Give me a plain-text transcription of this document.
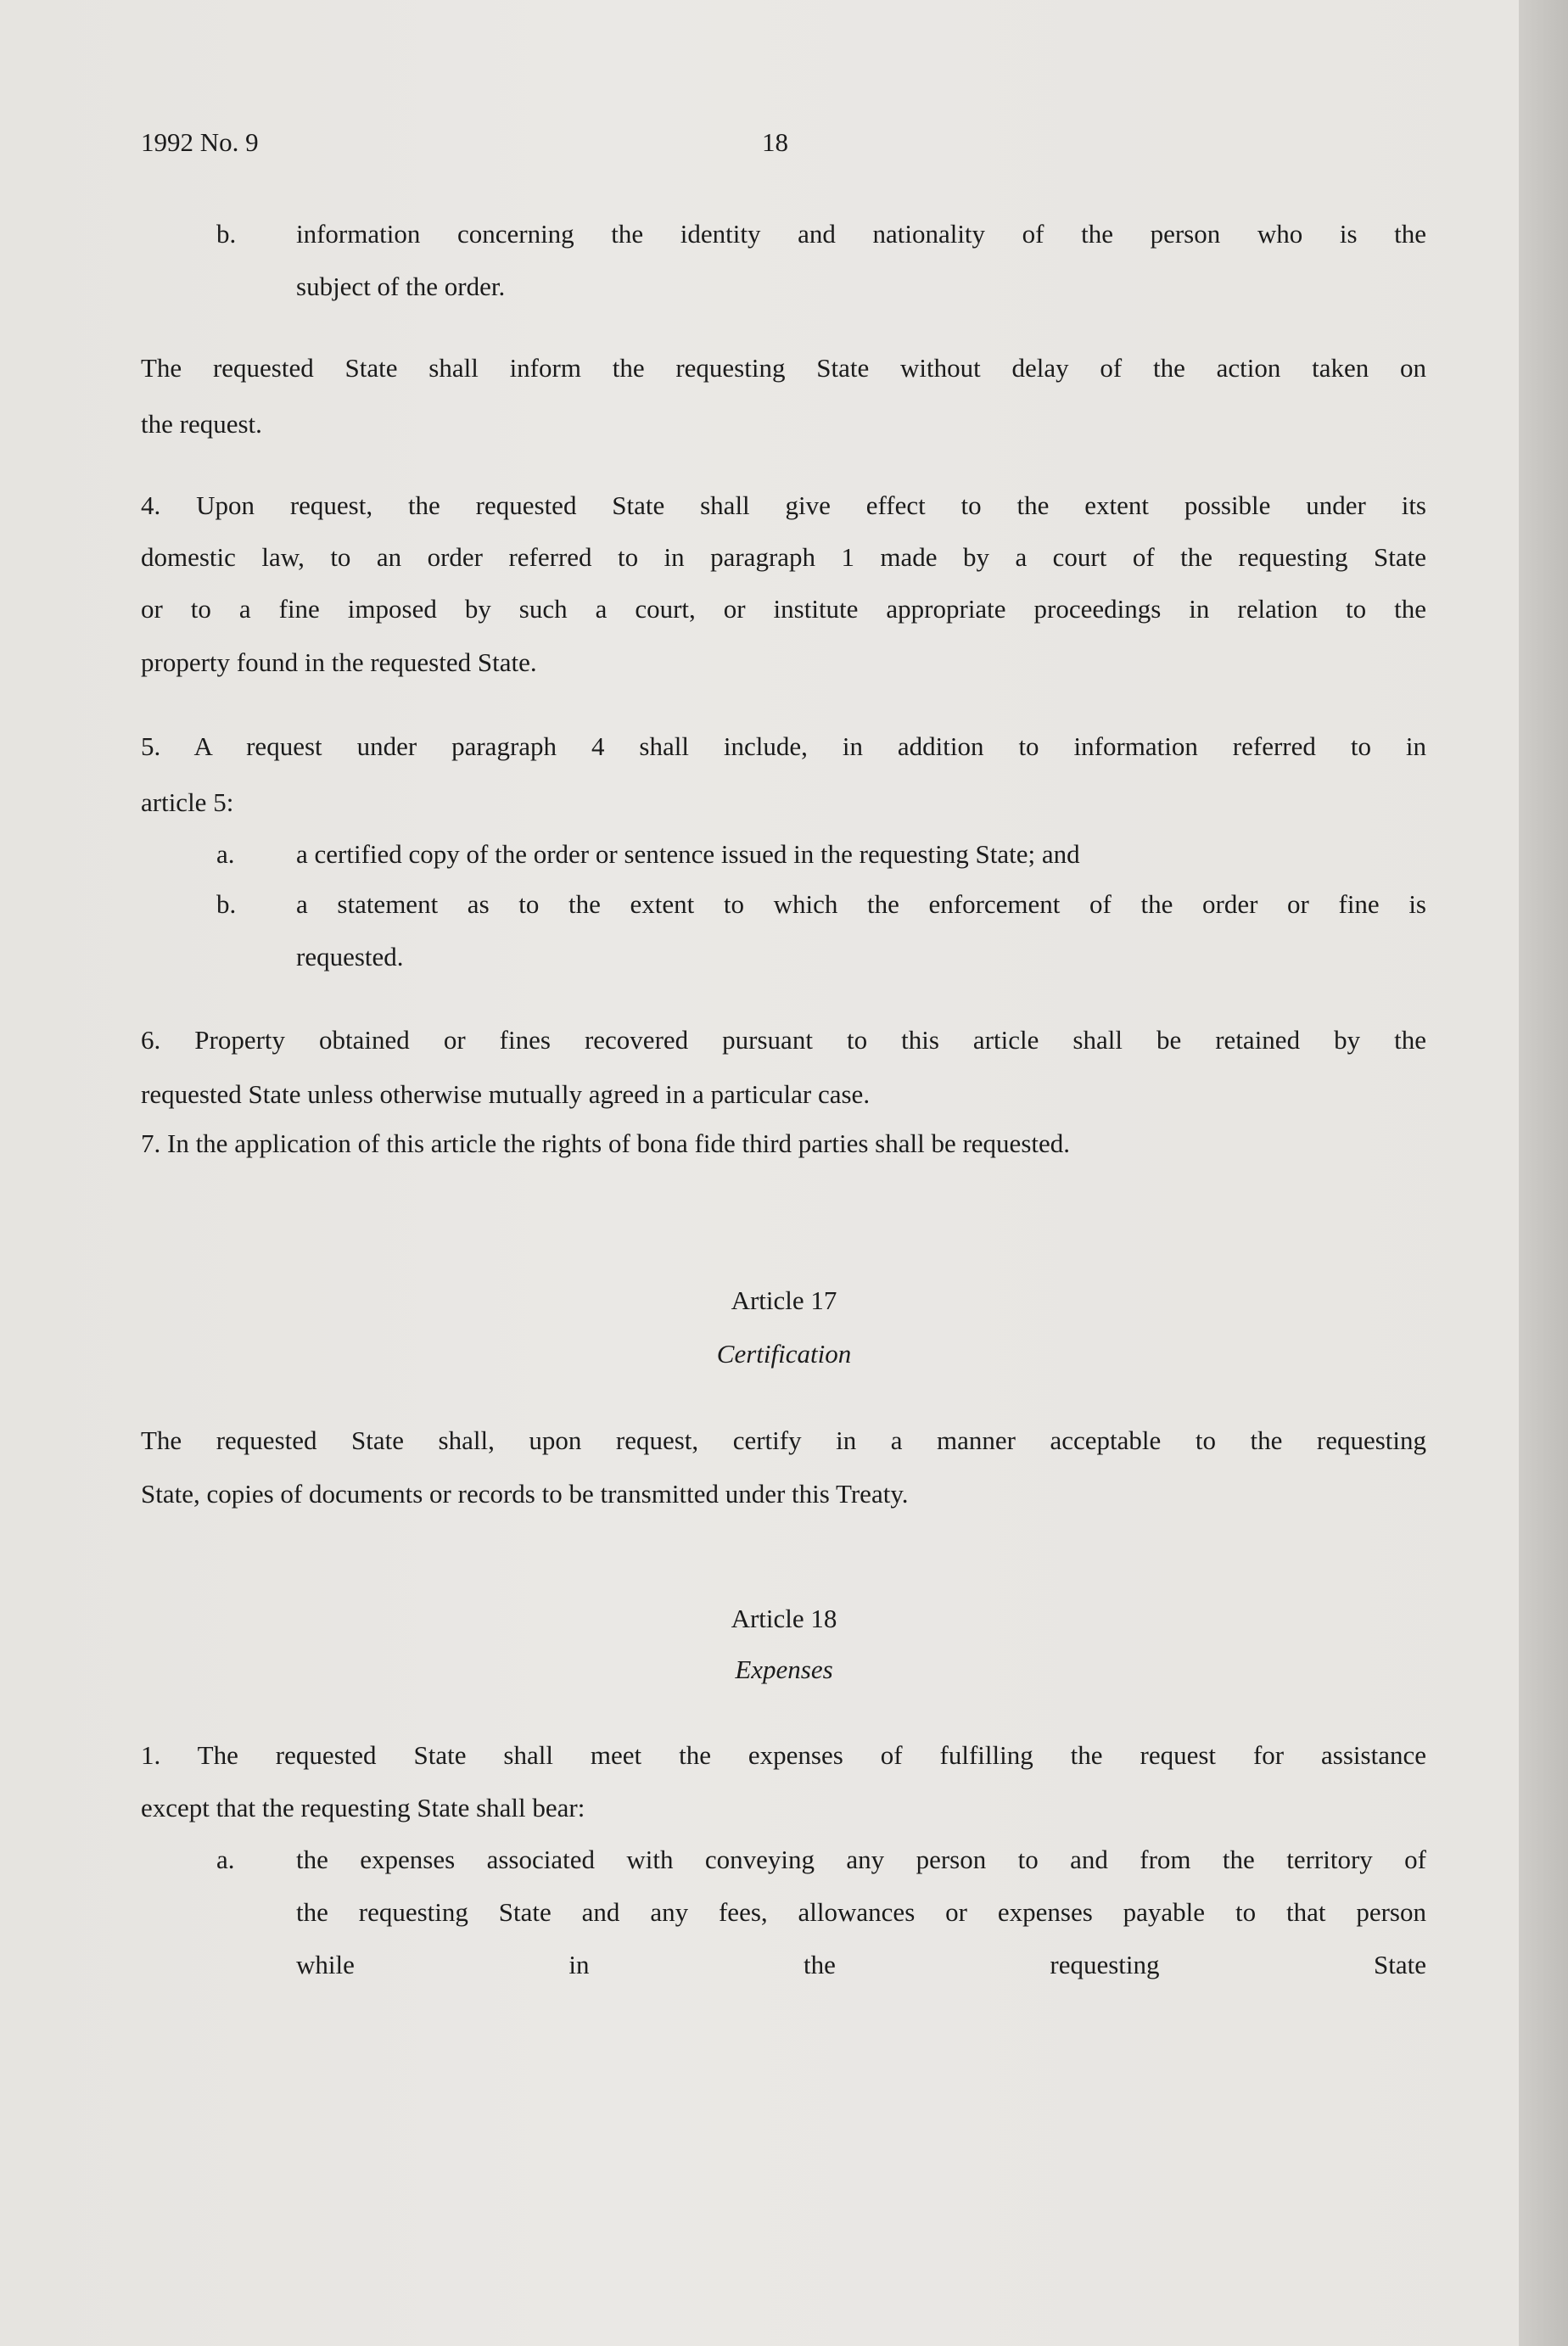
1992 No. 9	18
b. information concerning the identity and nationality of the person who is the
subject of the order.
The requested State shall inform the requesting State without delay of the action taken on
the request.
4. Upon request, the requested State shall give effect to the extent possible under its
domestic law, to an order referred to in paragraph 1 made by a court of the requesting State
or to a fine imposed by such a court, or institute appropriate proceedings in relation to the
property found in the requested State.
5. A request under paragraph 4 shall include, in addition to information referred to in
article 5:
a. a certified copy of the order or sentence issued in the requesting State; and
b. a statement as to the extent to which the enforcement of the order or fine is
requested.
6. Property obtained or fines recovered pursuant to this article shall be retained by the
requested State unless otherwise mutually agreed in a particular case.
7. In the application of this article the rights of bona fide third parties shall be requested.
Article 17
Certification
The requested State shall, upon request, certify in a manner acceptable to the requesting
State, copies of documents or records to be transmitted under this Treaty.
Article 18
Expenses
1. The requested State shall meet the expenses of fulfilling the request for assistance
except that the requesting State shall bear:
a. the expenses associated with conveying any person to and from the territory of
the requesting State and any fees, allowances or expenses payable to that person
while in the requesting State
